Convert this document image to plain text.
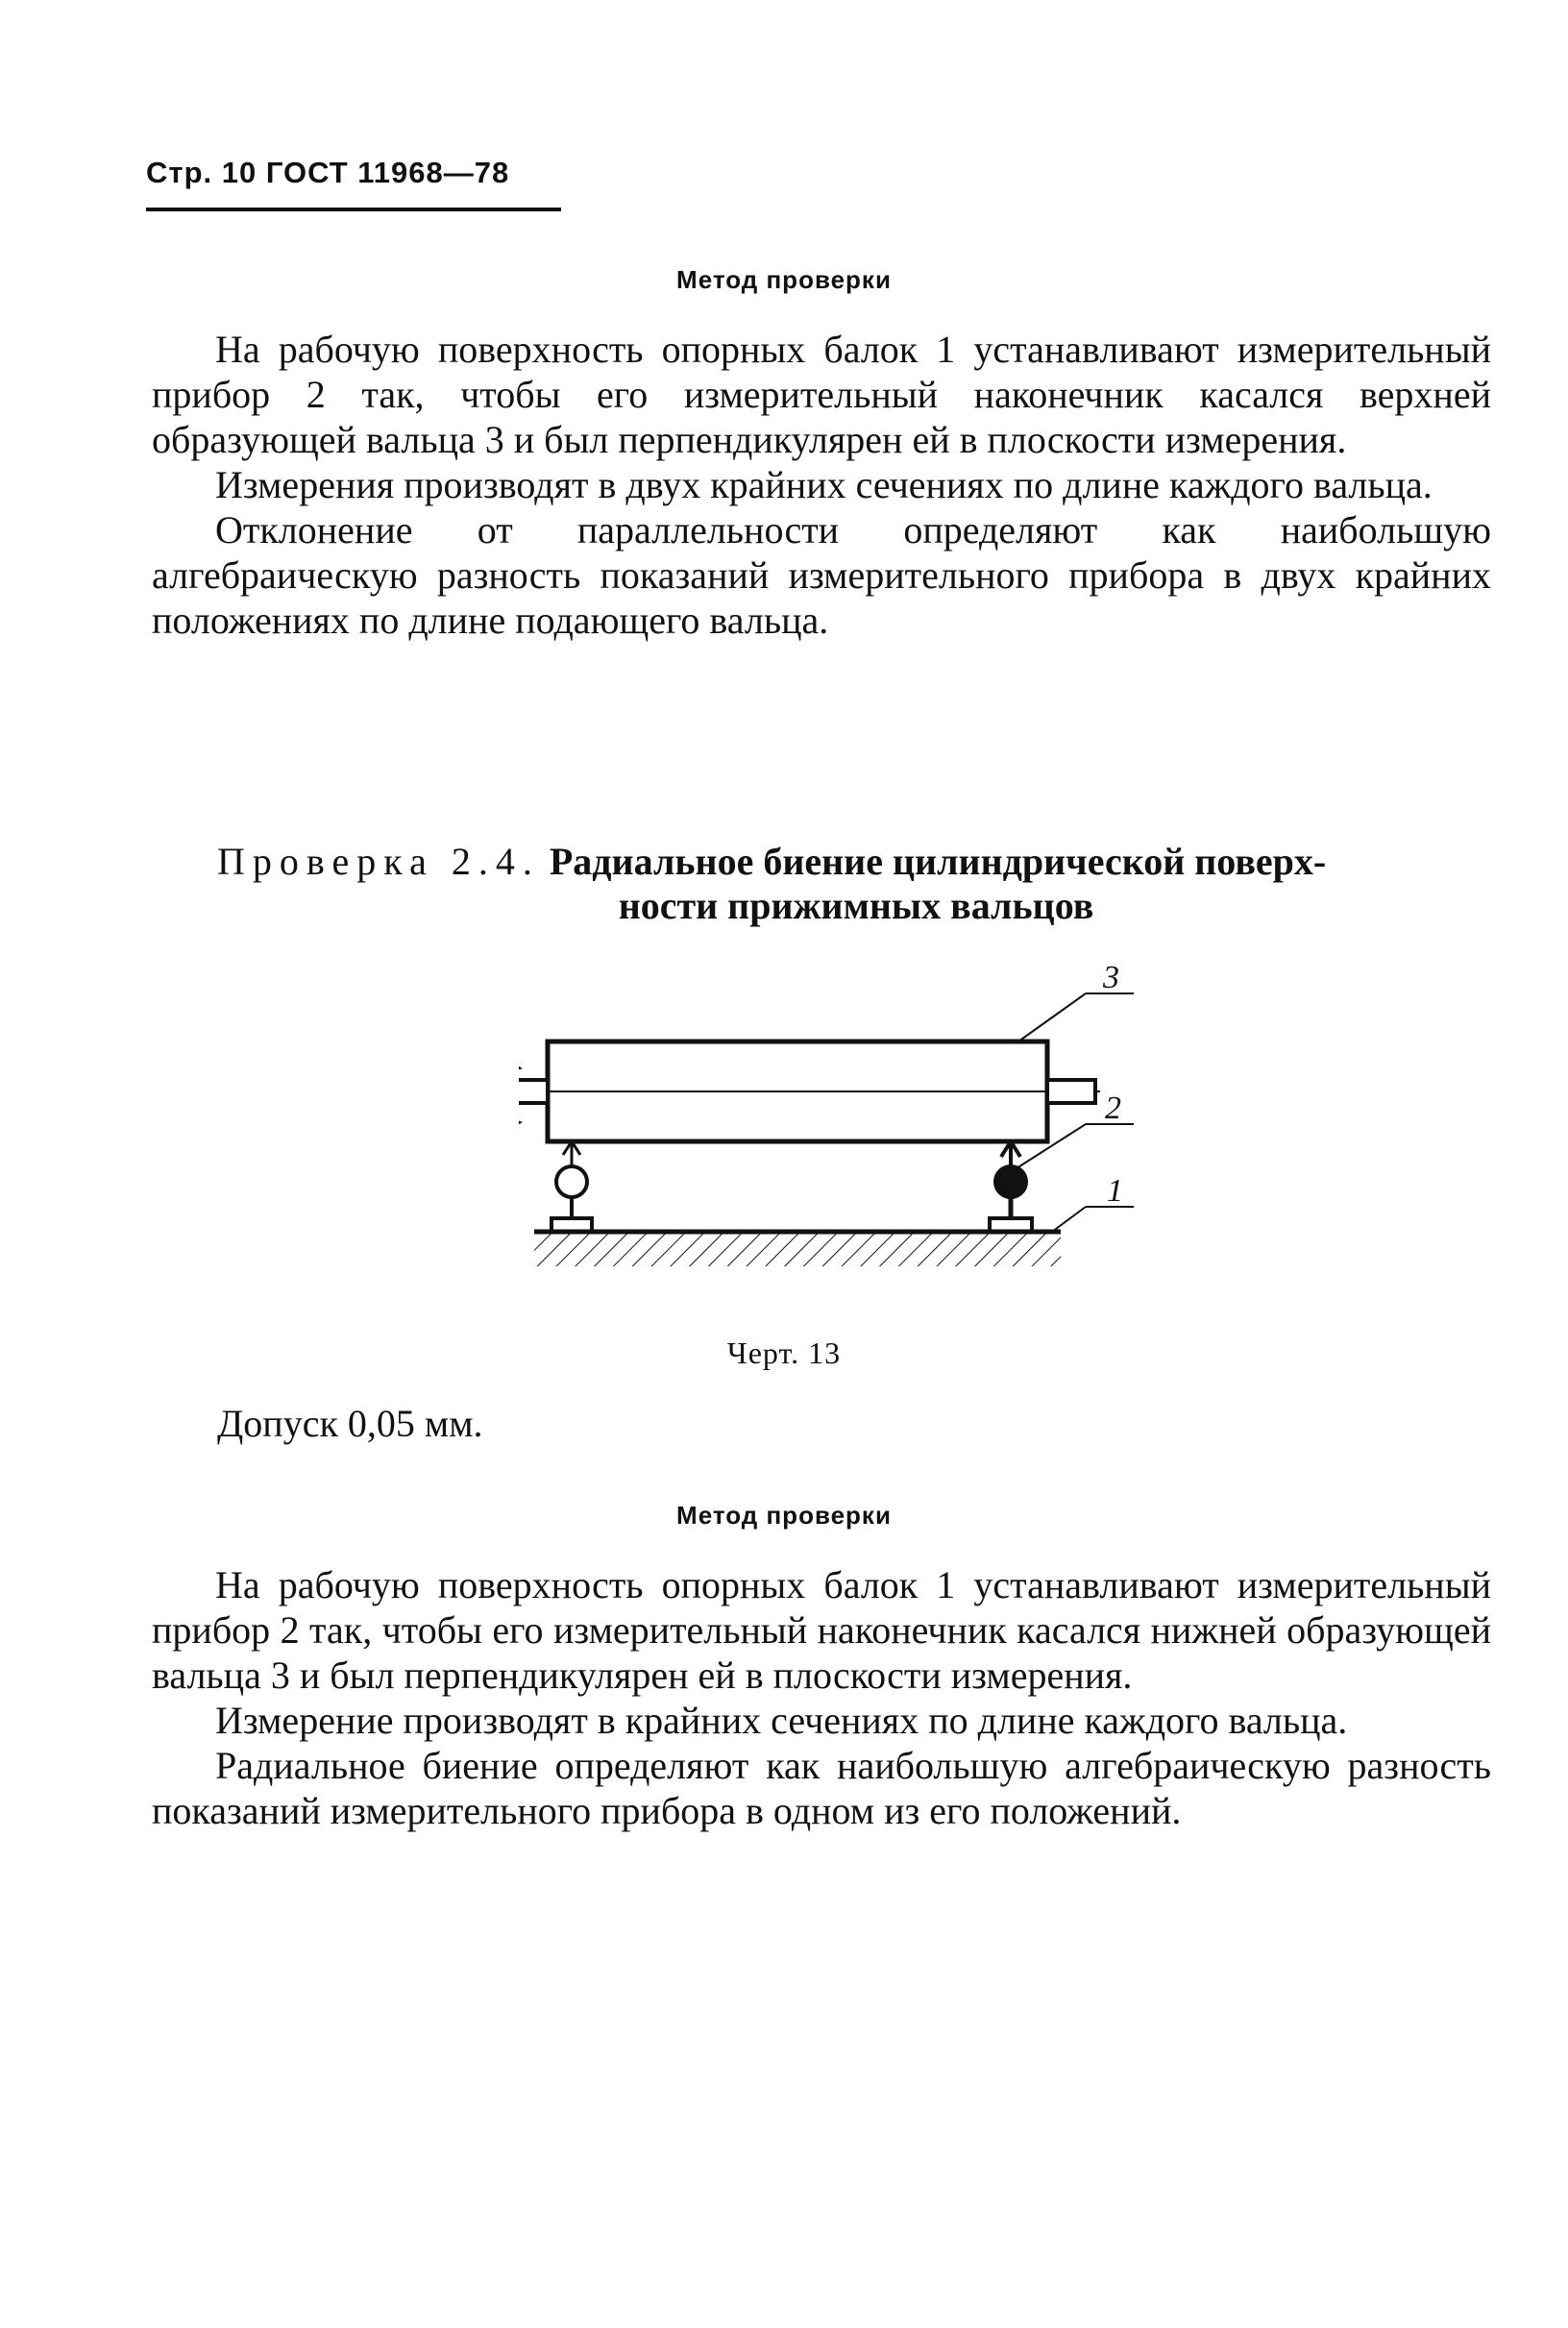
Стр. 10 ГОСТ 11968—78
Метод проверки

На рабочую поверхность опорных балок 1 устанавливают измерительный прибор 2 так, чтобы его измерительный наконечник касался верхней образующей вальца 3 и был перпендикулярен ей в плоскости измерения.

Измерения производят в двух крайних сечениях по длине каждого вальца.

Отклонение от параллельности определяют как наибольшую алгебраическую разность показаний измерительного прибора в двух крайних положениях по длине подающего вальца.

Проверка 2.4. Радиальное биение цилиндрической поверх-
ности прижимных вальцов
3
2
1
Черт. 13
Допуск 0,05 мм.
Метод проверки

На рабочую поверхность опорных балок 1 устанавливают измерительный прибор 2 так, чтобы его измерительный наконечник касался нижней образующей вальца 3 и был перпендикулярен ей в плоскости измерения.

Измерение производят в крайних сечениях по длине каждого вальца.

Радиальное биение определяют как наибольшую алгебраическую разность показаний измерительного прибора в одном из его положений.
